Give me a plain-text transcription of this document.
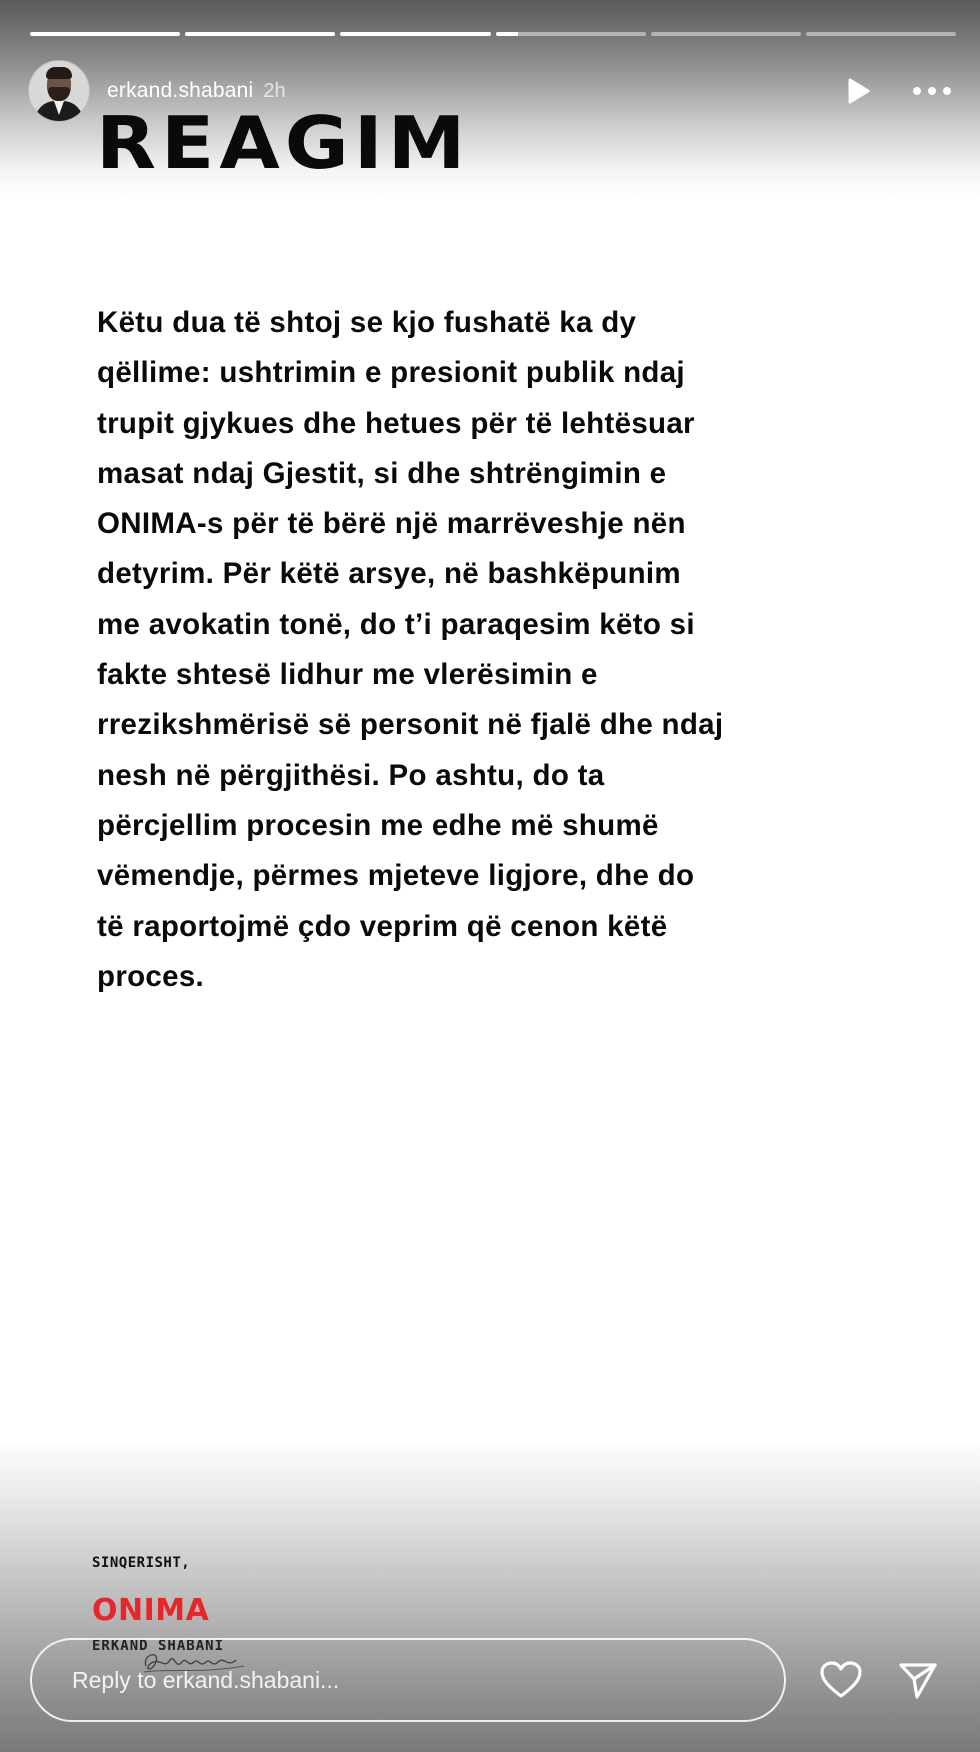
erkand.shabani 2h
REAGIM

Këtu dua të shtoj se kjo fushatë ka dy
qëllime: ushtrimin e presionit publik ndaj
trupit gjykues dhe hetues për të lehtësuar
masat ndaj Gjestit, si dhe shtrëngimin e
ONIMA-s për të bërë një marrëveshje nën
detyrim. Për këtë arsye, në bashkëpunim
me avokatin tonë, do t’i paraqesim këto si
fakte shtesë lidhur me vlerësimin e
rrezikshmërisë së personit në fjalë dhe ndaj
nesh në përgjithësi. Po ashtu, do ta
përcjellim procesin me edhe më shumë
vëmendje, përmes mjeteve ligjore, dhe do
të raportojmë çdo veprim që cenon këtë
proces.

SINQERISHT,
ONIMA
ERKAND SHABANI
Reply to erkand.shabani...
